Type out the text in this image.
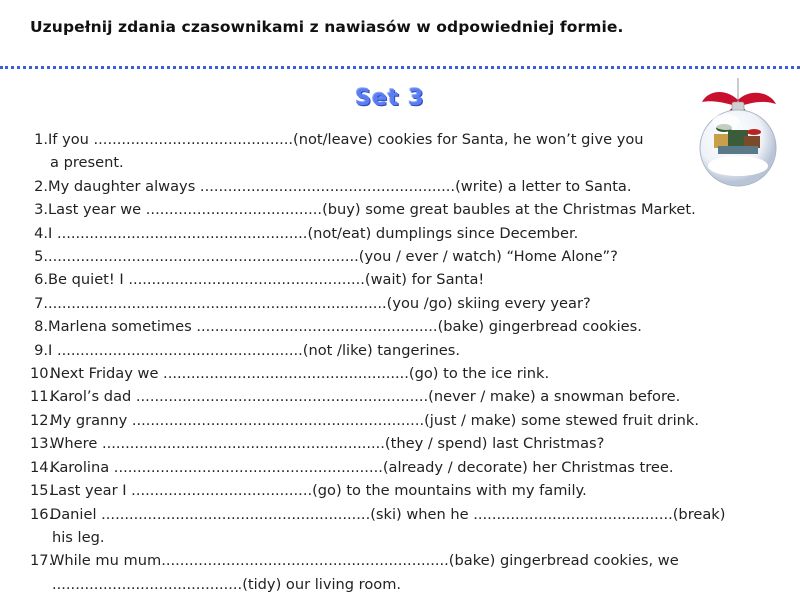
Uzupełnij zdania czasownikami z nawiasów w odpowiedniej formie.
Set 3
1. If you ...........................................(not/leave) cookies for Santa, he won’t give you
a present.
2. My daughter always .......................................................(write) a letter to Santa.
3. Last year we ......................................(buy) some great baubles at the Christmas Market.
4. I ......................................................(not/eat) dumplings since December.
5. ...................................................................(you / ever / watch) “Home Alone”?
6. Be quiet! I ...................................................(wait) for Santa!
7. .........................................................................(you /go) skiing every year?
8. Marlena sometimes ....................................................(bake) gingerbread cookies.
9. I .....................................................(not /like) tangerines.
10.
Next Friday we .....................................................(go) to the ice rink.
11.
Karol’s dad ...............................................................(never / make) a snowman before.
12.
My granny ...............................................................(just / make) some stewed fruit drink.
13.
Where .............................................................(they / spend) last Christmas?
14.
Karolina ..........................................................(already / decorate) her Christmas tree.
15.
Last year I .......................................(go) to the mountains with my family.
16.
Daniel ..........................................................(ski) when he ...........................................(break)
his leg.
17.
While mu mum..............................................................(bake) gingerbread cookies, we
.........................................(tidy) our living room.
